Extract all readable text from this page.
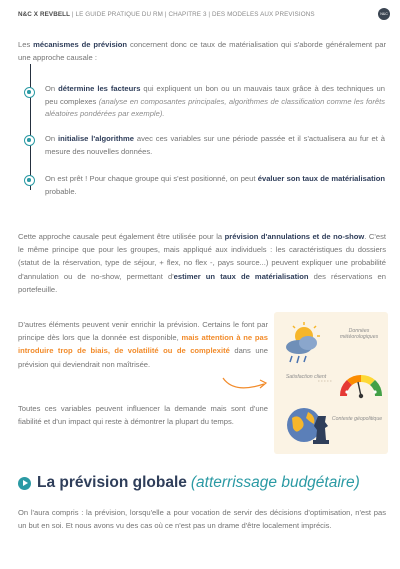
N&C X REVBELL | LE GUIDE PRATIQUE DU RM | CHAPITRE 3 | DES MODELES AUX PREVISIONS	N&C

Les mécanismes de prévision concernent donc ce taux de matérialisation qui s'aborde généralement par une approche causale :

On détermine les facteurs qui expliquent un bon ou un mauvais taux grâce à des techniques un peu complexes (analyse en composantes principales, algorithmes de classification comme les forêts aléatoires pondérées par exemple).

On initialise l'algorithme avec ces variables sur une période passée et il s'actualisera au fur et à mesure des nouvelles données.

On est prêt ! Pour chaque groupe qui s'est positionné, on peut évaluer son taux de matérialisation probable.

Cette approche causale peut également être utilisée pour la prévision d'annulations et de no-show. C'est le même principe que pour les groupes, mais appliqué aux individuels : les caractéristiques du dossiers (statut de la réservation, type de séjour, + flex, no flex -, pays source...) peuvent expliquer une probabilité d'annulation ou de no-show, permettant d'estimer un taux de matérialisation des réservations en portefeuille.

D'autres éléments peuvent venir enrichir la prévision. Certains le font par principe dès lors que la donnée est disponible, mais attention à ne pas introduire trop de biais, de volatilité ou de complexité dans une prévision qui deviendrait non maîtrisée.

Toutes ces variables peuvent influencer la demande mais sont d'une fiabilité et d'un impact qui reste à démontrer la plupart du temps.

Données météorologiques
Satisfaction client
Contexte géopolitique
La prévision globale (atterrissage budgétaire)

On l'aura compris : la prévision, lorsqu'elle a pour vocation de servir des décisions d'optimisation, n'est pas un but en soi. Et nous avons vu des cas où ce n'est pas un drame d'être localement imprécis.
